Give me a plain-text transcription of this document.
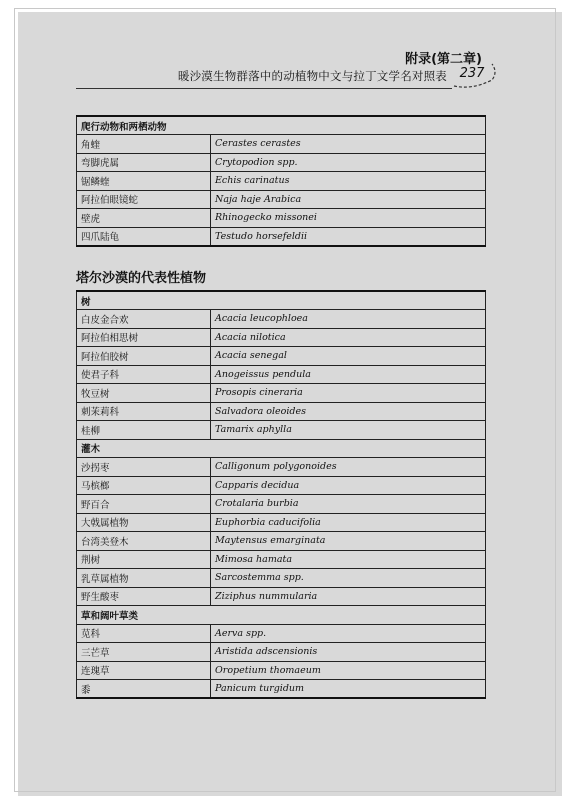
附录(第二章)
暖沙漠生物群落中的动植物中文与拉丁文学名对照表 237
爬行动物和两栖动物	
角蝰	Cerastes cerastes
弯脚虎属	Crytopodion spp.
锯鳞蝰	Echis carinatus
阿拉伯眼镜蛇	Naja haje Arabica
壁虎	Rhinogecko missonei
四爪陆龟	Testudo horsefeldii
塔尔沙漠的代表性植物
树	
白皮金合欢	Acacia leucophloea
阿拉伯相思树	Acacia nilotica
阿拉伯胶树	Acacia senegal
使君子科	Anogeissus pendula
牧豆树	Prosopis cineraria
刺茉莉科	Salvadora oleoides
桂柳	Tamarix aphylla
灌木	
沙拐枣	Calligonum polygonoides
马槟榔	Capparis decidua
野百合	Crotalaria burbia
大戟属植物	Euphorbia caducifolia
台湾美登木	Maytensus emarginata
荆树	Mimosa hamata
乳草属植物	Sarcostemma spp.
野生酸枣	Ziziphus nummularia
草和阔叶草类	
苋科	Aerva spp.
三芒草	Aristida adscensionis
连瑰草	Oropetium thomaeum
黍	Panicum turgidum
